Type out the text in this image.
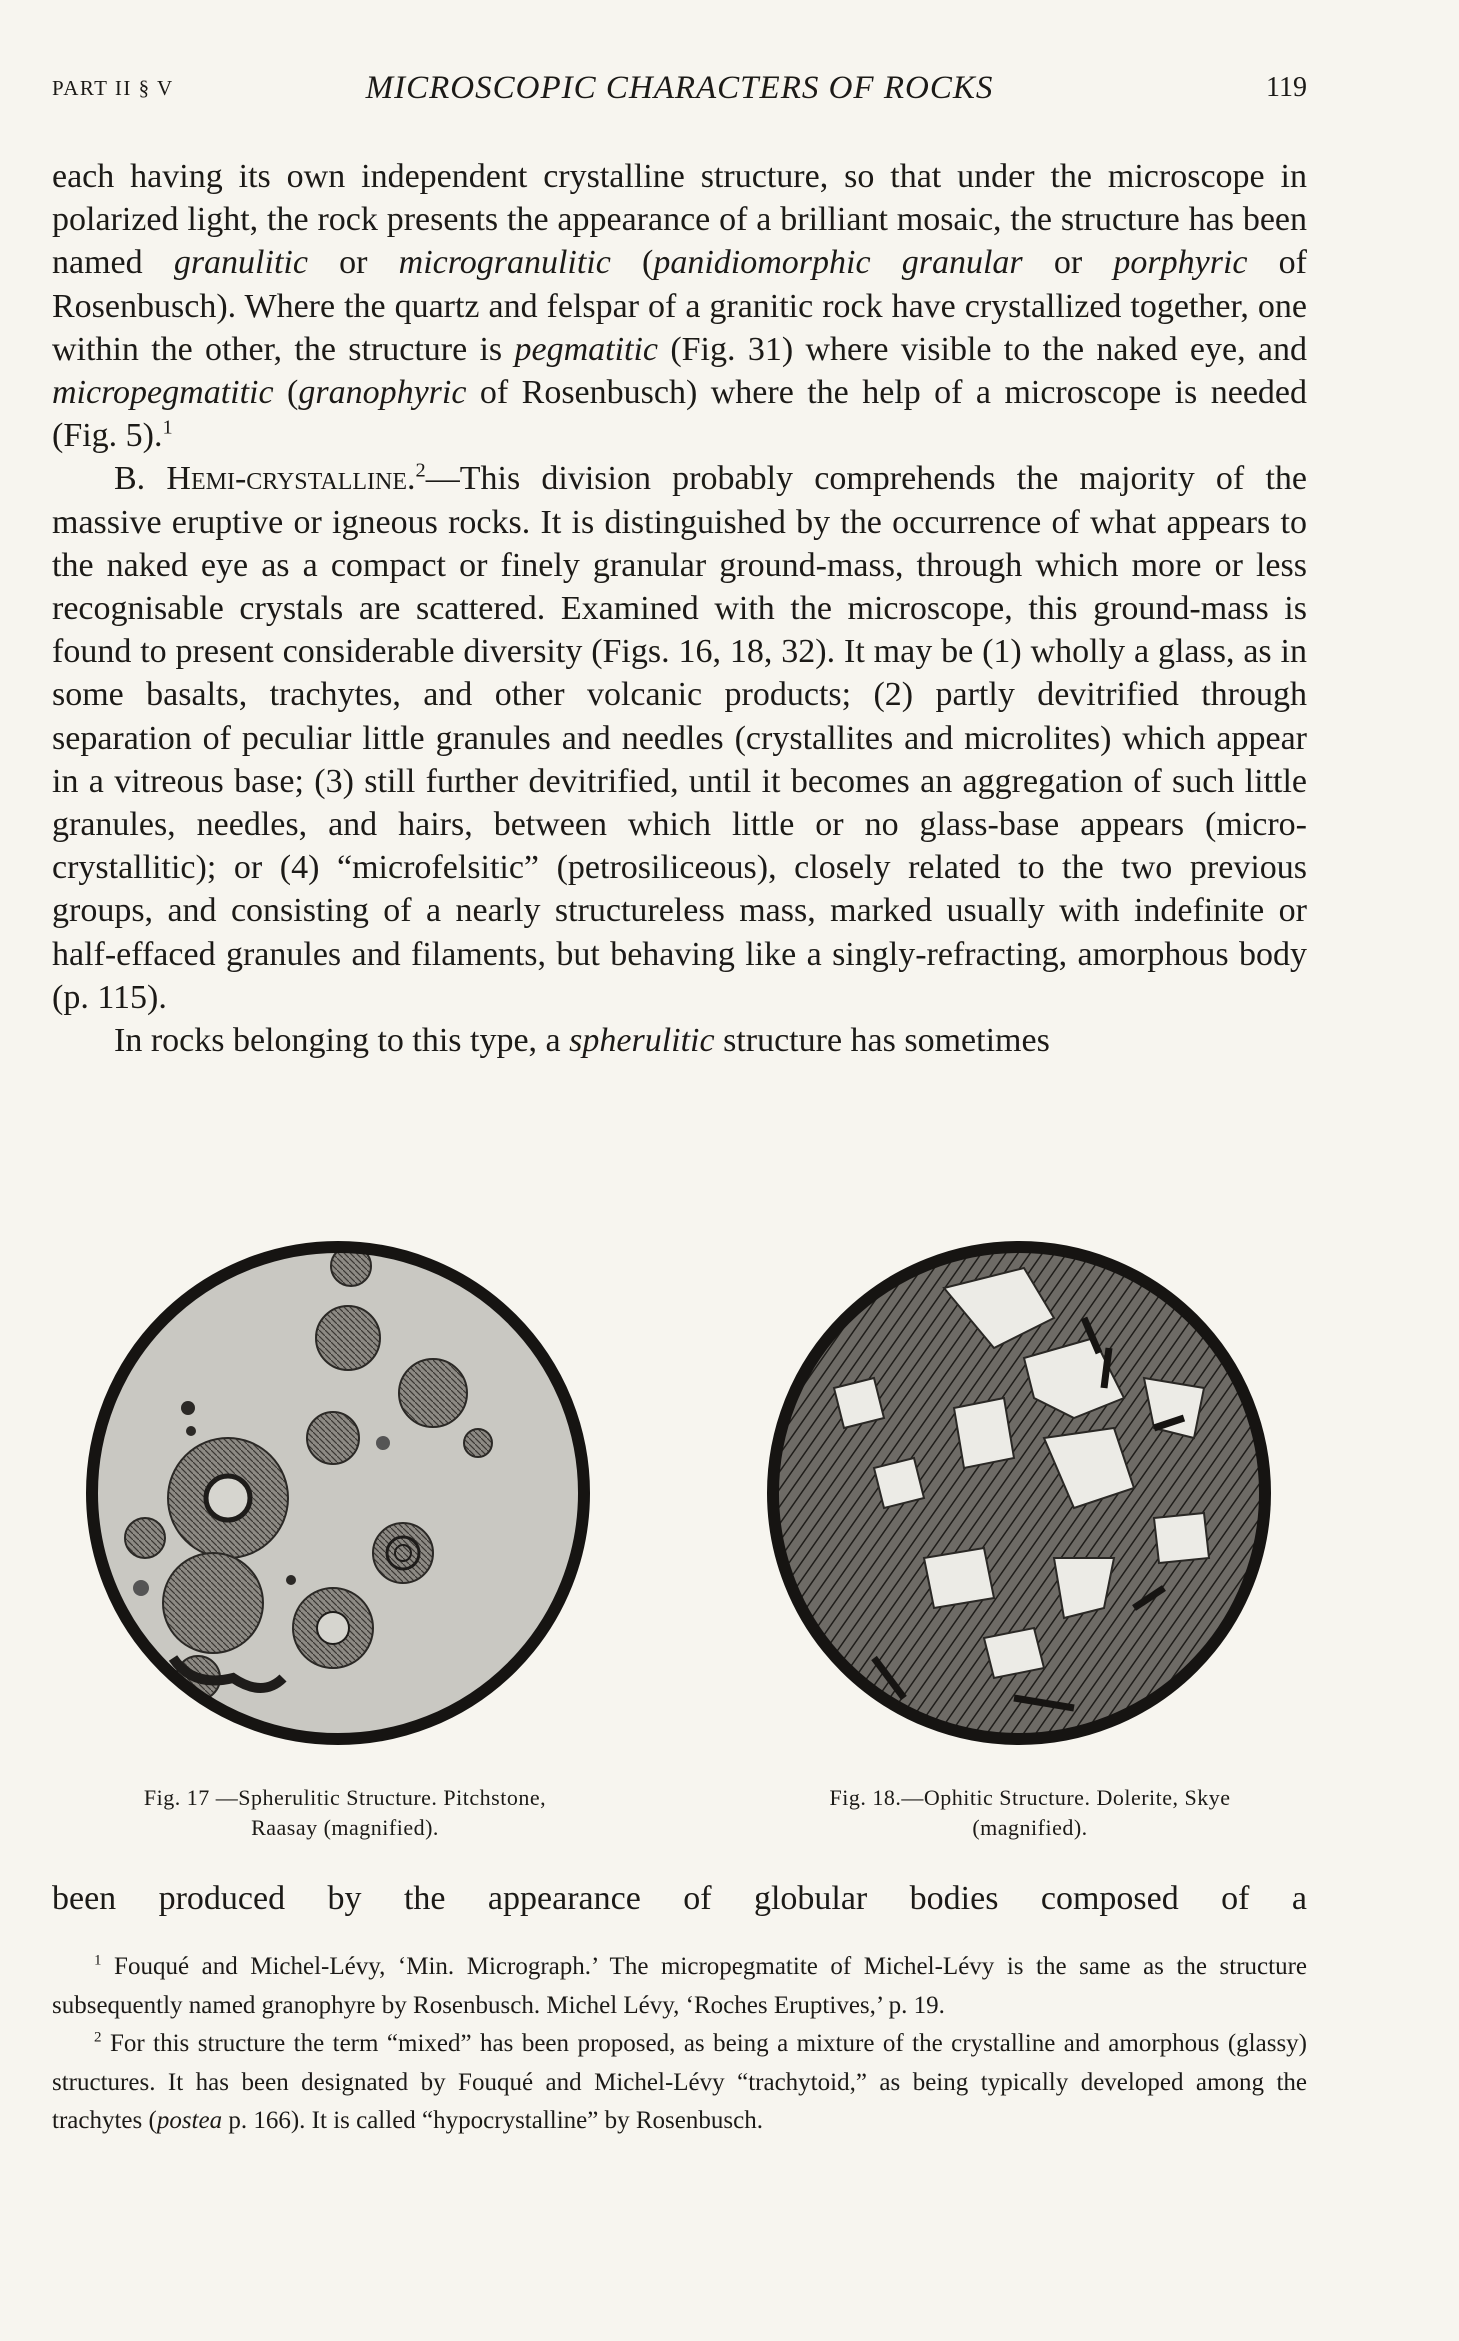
PART II § V	MICROSCOPIC CHARACTERS OF ROCKS	119

each having its own independent crystalline structure, so that under the microscope in polarized light, the rock presents the appearance of a brilliant mosaic, the structure has been named granulitic or microgranulitic (panidiomorphic granular or porphyric of Rosenbusch). Where the quartz and felspar of a granitic rock have crystallized together, one within the other, the structure is pegmatitic (Fig. 31) where visible to the naked eye, and micropegmatitic (granophyric of Rosenbusch) where the help of a microscope is needed (Fig. 5).$^1$

B. Hemi-crystalline.$^2$—This division probably comprehends the majority of the massive eruptive or igneous rocks. It is distinguished by the occurrence of what appears to the naked eye as a compact or finely granular ground-mass, through which more or less recognisable crystals are scattered. Examined with the microscope, this ground-mass is found to present considerable diversity (Figs. 16, 18, 32). It may be (1) wholly a glass, as in some basalts, trachytes, and other volcanic products; (2) partly devitrified through separation of peculiar little granules and needles (crystallites and microlites) which appear in a vitreous base; (3) still further devitrified, until it becomes an aggregation of such little granules, needles, and hairs, between which little or no glass-base appears (micro-crystallitic); or (4) “microfelsitic” (petrosiliceous), closely related to the two previous groups, and consisting of a nearly structureless mass, marked usually with indefinite or half-effaced granules and filaments, but behaving like a singly-refracting, amorphous body (p. 115).

In rocks belonging to this type, a spherulitic structure has sometimes

Fig. 17 —Spherulitic Structure. Pitchstone,
Raasay (magnified).
Fig. 18.—Ophitic Structure. Dolerite, Skye
(magnified).
been produced by the appearance of globular bodies composed of a

$^1$ Fouqué and Michel-Lévy, ‘Min. Micrograph.’ The micropegmatite of Michel-Lévy is the same as the structure subsequently named granophyre by Rosenbusch. Michel Lévy, ‘Roches Eruptives,’ p. 19.

$^2$ For this structure the term “mixed” has been proposed, as being a mixture of the crystalline and amorphous (glassy) structures. It has been designated by Fouqué and Michel-Lévy “trachytoid,” as being typically developed among the trachytes (postea p. 166). It is called “hypocrystalline” by Rosenbusch.
